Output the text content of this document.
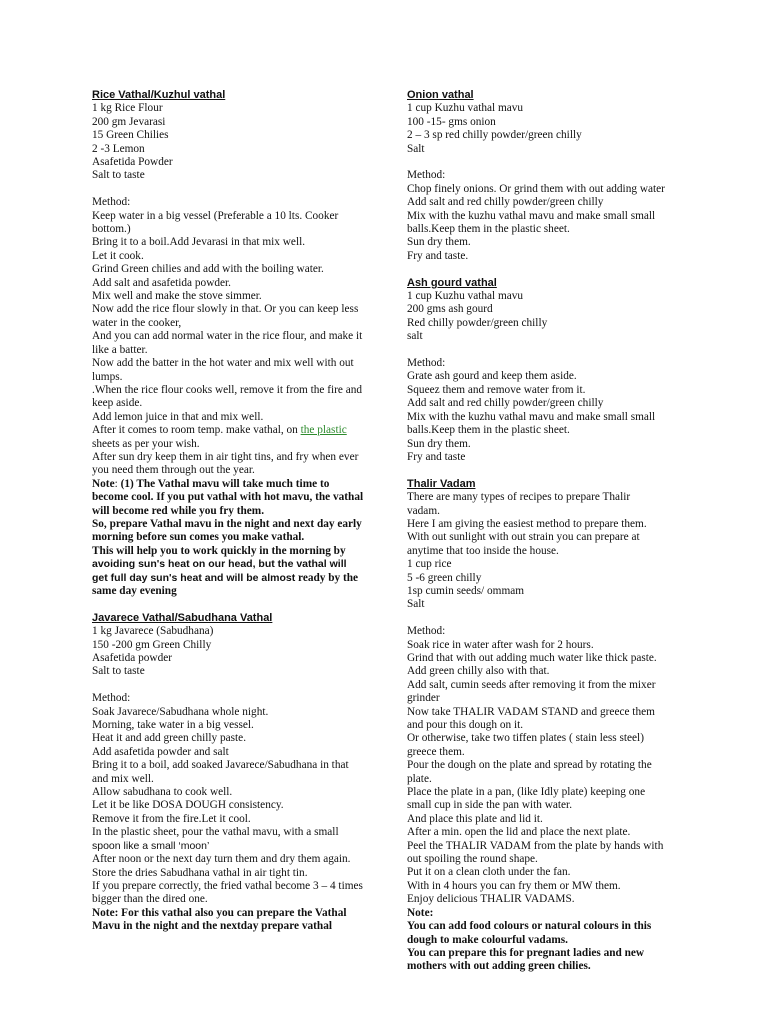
Rice Vathal/Kuzhul vathal
1 kg Rice Flour
200 gm Jevarasi
15 Green Chilies
2 -3 Lemon
Asafetida Powder
Salt to taste
Method:
Keep water in a big vessel (Preferable a 10 lts. Cooker bottom.)
Bring it to a boil.Add Jevarasi in that mix well.
Let it cook.
Grind Green chilies and add with the boiling water.
Add salt and asafetida powder.
Mix well and make the stove simmer.
Now add the rice flour slowly in that. Or you can keep less water in the cooker,
And you can add normal water in the rice flour, and make it like a batter.
Now add the batter in the hot water and mix well with out lumps.
.When the rice flour cooks well, remove it from the fire and keep aside.
Add lemon juice in that and mix well.
After it comes to room temp. make vathal, on the plastic
sheets as per your wish.
After sun dry keep them in air tight tins, and fry when ever you need them through out the year.
Note: (1) The Vathal mavu will take much time to become cool. If you put vathal with hot mavu, the vathal will become red while you fry them.
So, prepare Vathal mavu in the night and next day early morning before sun comes you make vathal.
This will help you to work quickly in the morning by
avoiding sun's heat on our head, but the vathal will get full day sun's heat and will be almost ready by the same day evening
Javarece Vathal/Sabudhana Vathal
1 kg Javarece (Sabudhana)
150 -200 gm Green Chilly
Asafetida powder
Salt to taste
Method:
Soak Javarece/Sabudhana whole night.
Morning, take water in a big vessel.
Heat it and add green chilly paste.
Add asafetida powder and salt
Bring it to a boil, add soaked Javarece/Sabudhana in that and mix well.
Allow sabudhana to cook well.
Let it be like DOSA DOUGH consistency.
Remove it from the fire.Let it cool.
In the plastic sheet, pour the vathal mavu, with a small
spoon like a small ‘moon’
After noon or the next day turn them and dry them again.
Store the dries Sabudhana vathal in air tight tin.
If you prepare correctly, the fried vathal become 3 – 4 times bigger than the dired one.
Note: For this vathal also you can prepare the Vathal Mavu in the night and the nextday prepare vathal
Onion vathal
1 cup Kuzhu vathal mavu
100 -15- gms onion
2 – 3 sp red chilly powder/green chilly
Salt
Method:
Chop finely onions. Or grind them with out adding water
Add salt and red chilly powder/green chilly
Mix with the kuzhu vathal mavu and make small small balls.Keep them in the plastic sheet.
Sun dry them.
Fry and taste.
Ash gourd vathal
1 cup Kuzhu vathal mavu
200 gms ash gourd
Red chilly powder/green chilly
salt
Method:
Grate ash gourd and keep them aside.
Squeez them and remove water from it.
Add salt and red chilly powder/green chilly
Mix with the kuzhu vathal mavu and make small small balls.Keep them in the plastic sheet.
Sun dry them.
Fry and taste
Thalir Vadam
There are many types of recipes to prepare Thalir vadam.
Here I am giving the easiest method to prepare them.
With out sunlight with out strain you can prepare at anytime that too inside the house.
1 cup rice
5 -6 green chilly
1sp cumin seeds/ ommam
Salt
Method:
Soak rice in water after wash for 2 hours.
Grind that with out adding much water like thick paste.
Add green chilly also with that.
Add salt, cumin seeds after removing it from the mixer grinder
Now take THALIR VADAM STAND and greece them and pour this dough on it.
Or otherwise, take two tiffen plates ( stain less steel) greece them.
Pour the dough on the plate and spread by rotating the plate.
Place the plate in a pan, (like Idly plate) keeping one small cup in side the pan with water.
And place this plate and lid it.
After a min. open the lid and place the next plate.
Peel the THALIR VADAM from the plate by hands with out spoiling the round shape.
Put it on a clean cloth under the fan.
With in 4 hours you can fry them or MW them.
Enjoy delicious THALIR VADAMS.
Note:
You can add food colours or natural colours in this dough to make colourful vadams.
You can prepare this for pregnant ladies and new mothers with out adding green chilies.
